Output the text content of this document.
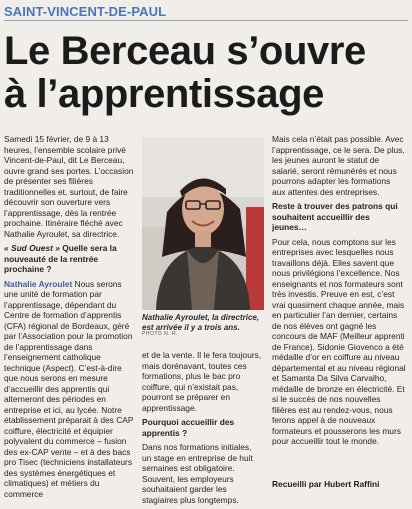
SAINT-VINCENT-DE-PAUL
Le Berceau s’ouvre
à l’apprentissage

Samedi 15 février, de 9 à 13 heures, l’ensemble scolaire privé Vincent-de-Paul, dit Le Berceau, ouvre grand ses portes. L’occasion de présenter ses filières traditionnelles et, surtout, de faire découvrir son ouverture vers l’apprentissage, dès la rentrée prochaine. Itinéraire fléché avec Nathalie Ayroulet, sa directrice.

« Sud Ouest » Quelle sera la nouveauté de la rentrée prochaine ?

Nathalie Ayroulet Nous serons une unité de formation par l’apprentissage, dépendant du Centre de formation d’apprentis (CFA) régional de Bordeaux, géré par l’Association pour la promotion de l’apprentissage dans l’enseignement catholique technique (Aspect). C’est-à-dire que nous serons en mesure d’accueillir des apprentis qui alterneront des périodes en entreprise et ici, au lycée. Notre établissement préparait à des CAP coiffure, électricité et équipier polyvalent du commerce – fusion des ex-CAP vente – et à des bacs pro Tisec (techniciens installateurs des systèmes énergétiques et climatiques) et métiers du commerce

PHOTO N. R.
Nathalie Ayroulet, la directrice, est arrivée il y a trois ans.

et de la vente. Il le fera toujours, mais dorénavant, toutes ces formations, plus le bac pro coiffure, qui n’existait pas, pourront se préparer en apprentissage.

Pourquoi accueillir des apprentis ?

Dans nos formations initiales, un stage en entreprise de huit semaines est obligatoire. Souvent, les employeurs souhaitaient garder les stagiaires plus longtemps.

Mais cela n’était pas possible. Avec l’apprentissage, ce le sera. De plus, les jeunes auront le statut de salarié, seront rémunérés et nous pourrons adapter les formations aux attentes des entreprises.

Reste à trouver des patrons qui souhaitent accueillir des jeunes…

Pour cela, nous comptons sur les entreprises avec lesquelles nous travaillons déjà. Elles savent que nous privilégions l’excellence. Nos enseignants et nos formateurs sont très investis. Preuve en est, c’est vrai quasiment chaque année, mais en particulier l’an dernier, certains de nos élèves ont gagné les concours de MAF (Meilleur apprenti de France). Sidonie Giovenco a été médaille d’or en coiffure au niveau départemental et au niveau régional et Samanta Da Silva Carvalho, médaille de bronze en électricité. Et si le succès de nos nouvelles filières est au rendez-vous, nous ferons appel à de nouveaux formateurs et pousserons les murs pour accueillir tout le monde.

Recueilli par Hubert Raffini
